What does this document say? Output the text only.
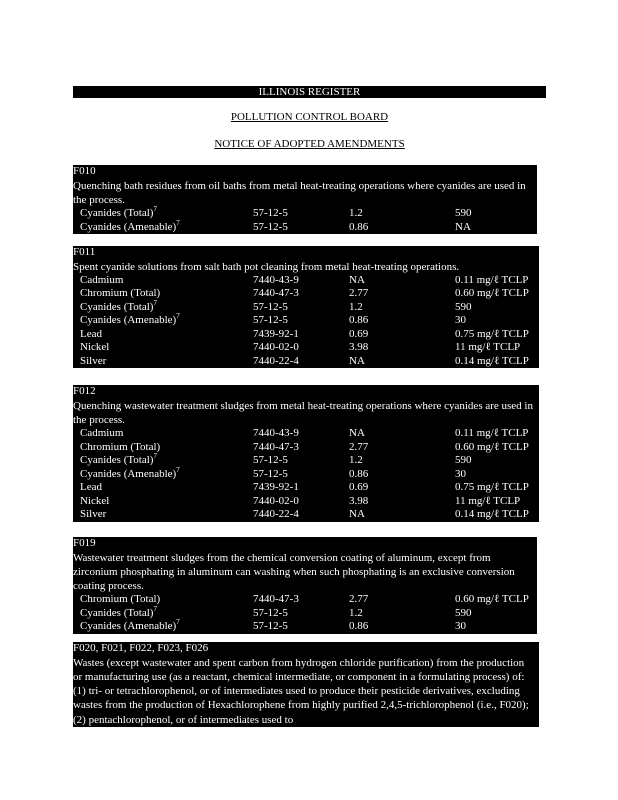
ILLINOIS REGISTER
POLLUTION CONTROL BOARD
NOTICE OF ADOPTED AMENDMENTS
F010
Quenching bath residues from oil baths from metal heat-treating operations where cyanides are used in the process.
Cyanides (Total)$^7$	57-12-5	1.2	590
Cyanides (Amenable)$^7$	57-12-5	0.86	NA
F011
Spent cyanide solutions from salt bath pot cleaning from metal heat-treating operations.
Cadmium	7440-43-9	NA	0.11 mg/ℓ TCLP
Chromium (Total)	7440-47-3	2.77	0.60 mg/ℓ TCLP
Cyanides (Total)$^7$	57-12-5	1.2	590
Cyanides (Amenable)$^7$	57-12-5	0.86	30
Lead	7439-92-1	0.69	0.75 mg/ℓ TCLP
Nickel	7440-02-0	3.98	11 mg/ℓ TCLP
Silver	7440-22-4	NA	0.14 mg/ℓ TCLP
F012
Quenching wastewater treatment sludges from metal heat-treating operations where cyanides are used in the process.
Cadmium	7440-43-9	NA	0.11 mg/ℓ TCLP
Chromium (Total)	7440-47-3	2.77	0.60 mg/ℓ TCLP
Cyanides (Total)$^7$	57-12-5	1.2	590
Cyanides (Amenable)$^7$	57-12-5	0.86	30
Lead	7439-92-1	0.69	0.75 mg/ℓ TCLP
Nickel	7440-02-0	3.98	11 mg/ℓ TCLP
Silver	7440-22-4	NA	0.14 mg/ℓ TCLP
F019
Wastewater treatment sludges from the chemical conversion coating of aluminum, except from zirconium phosphating in aluminum can washing when such phosphating is an exclusive conversion coating process.
Chromium (Total)	7440-47-3	2.77	0.60 mg/ℓ TCLP
Cyanides (Total)$^7$	57-12-5	1.2	590
Cyanides (Amenable)$^7$	57-12-5	0.86	30
F020, F021, F022, F023, F026
Wastes (except wastewater and spent carbon from hydrogen chloride purification) from the production or manufacturing use (as a reactant, chemical intermediate, or component in a formulating process) of: (1) tri- or tetrachlorophenol, or of intermediates used to produce their pesticide derivatives, excluding wastes from the production of Hexachlorophene from highly purified 2,4,5-trichlorophenol (i.e., F020); (2) pentachlorophenol, or of intermediates used to
